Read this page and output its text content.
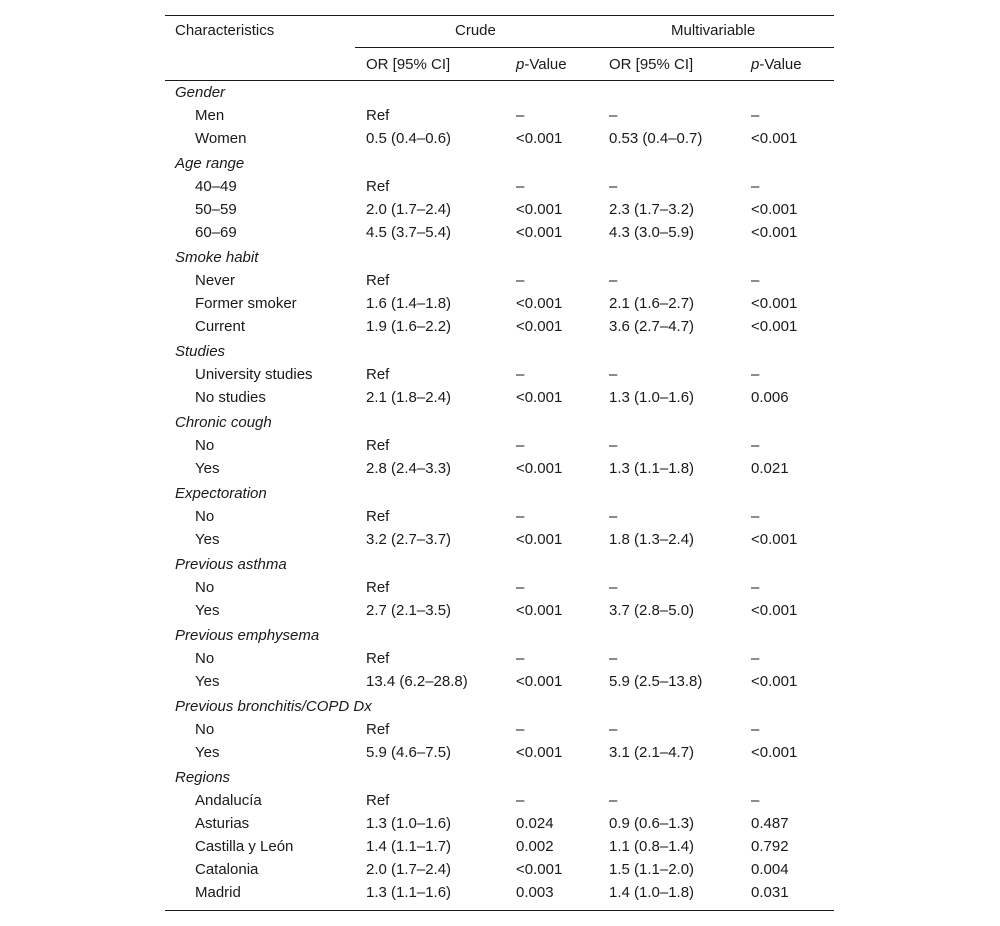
Characteristics	Crude	Multivariable
OR [95% CI]	p-Value	OR [95% CI]	p-Value
Gender
Men	Ref	–	–	–
Women	0.5 (0.4–0.6)	<0.001	0.53 (0.4–0.7)	<0.001
Age range
40–49	Ref	–	–	–
50–59	2.0 (1.7–2.4)	<0.001	2.3 (1.7–3.2)	<0.001
60–69	4.5 (3.7–5.4)	<0.001	4.3 (3.0–5.9)	<0.001
Smoke habit
Never	Ref	–	–	–
Former smoker	1.6 (1.4–1.8)	<0.001	2.1 (1.6–2.7)	<0.001
Current	1.9 (1.6–2.2)	<0.001	3.6 (2.7–4.7)	<0.001
Studies
University studies	Ref	–	–	–
No studies	2.1 (1.8–2.4)	<0.001	1.3 (1.0–1.6)	0.006
Chronic cough
No	Ref	–	–	–
Yes	2.8 (2.4–3.3)	<0.001	1.3 (1.1–1.8)	0.021
Expectoration
No	Ref	–	–	–
Yes	3.2 (2.7–3.7)	<0.001	1.8 (1.3–2.4)	<0.001
Previous asthma
No	Ref	–	–	–
Yes	2.7 (2.1–3.5)	<0.001	3.7 (2.8–5.0)	<0.001
Previous emphysema
No	Ref	–	–	–
Yes	13.4 (6.2–28.8)	<0.001	5.9 (2.5–13.8)	<0.001
Previous bronchitis/COPD Dx
No	Ref	–	–	–
Yes	5.9 (4.6–7.5)	<0.001	3.1 (2.1–4.7)	<0.001
Regions
Andalucía	Ref	–	–	–
Asturias	1.3 (1.0–1.6)	0.024	0.9 (0.6–1.3)	0.487
Castilla y León	1.4 (1.1–1.7)	0.002	1.1 (0.8–1.4)	0.792
Catalonia	2.0 (1.7–2.4)	<0.001	1.5 (1.1–2.0)	0.004
Madrid	1.3 (1.1–1.6)	0.003	1.4 (1.0–1.8)	0.031
